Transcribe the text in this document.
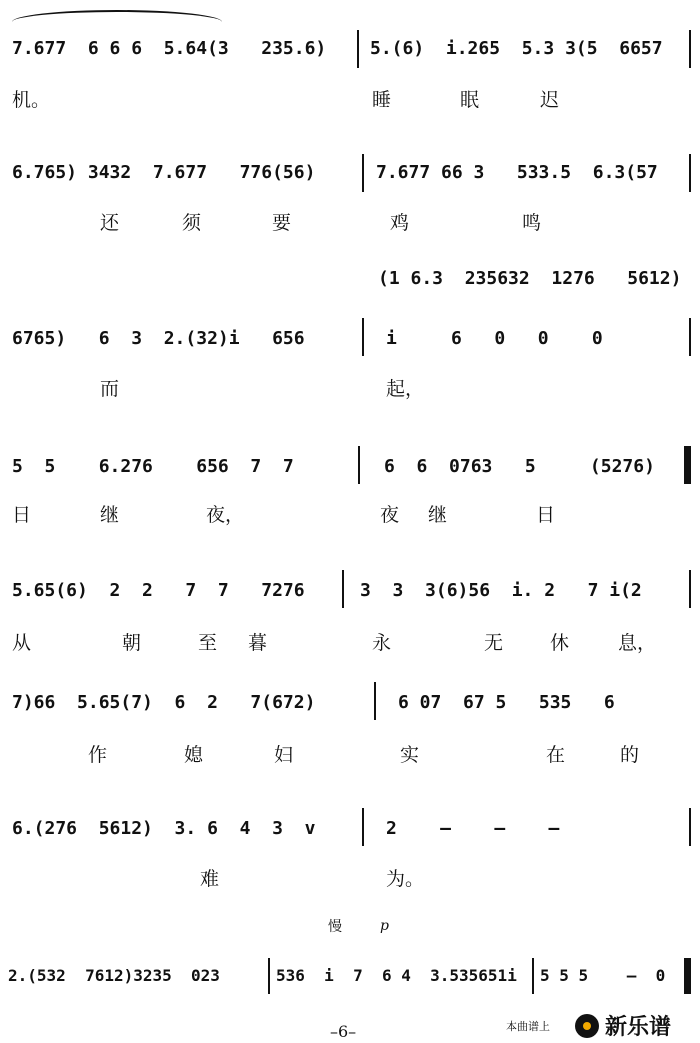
7.677  6 6 6  5.64(3   235.6) 5.(6)  i.265  5.3 3(5  6657
机。	睡	眠	迟
6.765) 3432  7.677   776(56)	7.677 66 3   533.5  6.3(57
还	须	要	鸡	鸣
(1 6.3  235632  1276   5612)
6765)   6  3  2.(32)i   656	i     6   0   0    0
而	起，
5  5    6.276    656  7  7	6  6  0763   5     (5276)
日	继	夜，	夜 继	日
5.65(6)  2  2   7  7   7276	3  3  3(6)56  i. 2   7 i(2
从	朝	至 暮	永	无 休	息，
7)66  5.65(7)  6  2   7(672)	6 07  67 5   535   6
作	媳	妇	实	在	的
6.(276  5612)  3. 6  4  3  v	2    –    –    –
难	为。
慢	p
2.(532  7612)3235  023	536  i  7  6 4  3.535651i 5 5 5    –  0
–6–	本曲谱上	新乐谱
